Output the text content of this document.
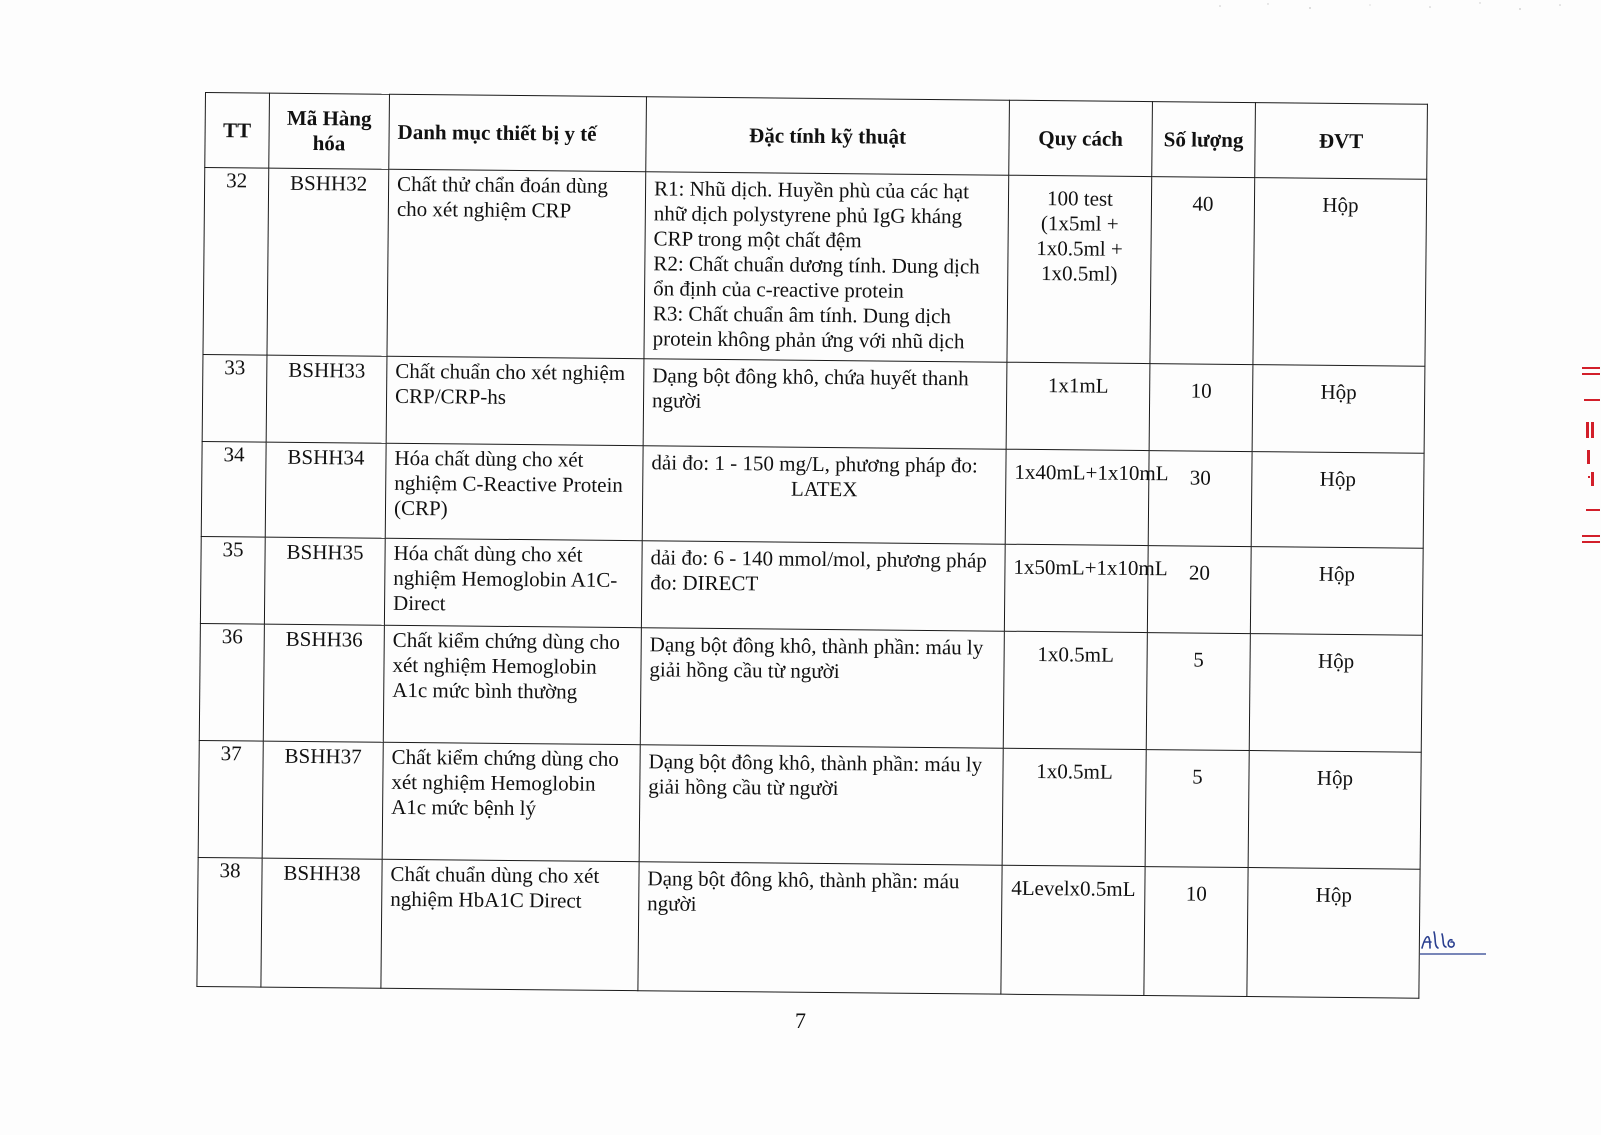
TT	Mã Hàng hóa	Danh mục thiết bị y tế	Đặc tính kỹ thuật	Quy cách	Số lượng	ĐVT
32	BSHH32	Chất thử chẩn đoán dùng cho xét nghiệm CRP	R1: Nhũ dịch. Huyền phù của các hạt nhữ dịch polystyrene phủ IgG kháng CRP trong một chất đệm
R2: Chất chuẩn dương tính. Dung dịch ổn định của c-reactive protein
R3: Chất chuẩn âm tính. Dung dịch protein không phản ứng với nhũ dịch	100 test (1x5ml + 1x0.5ml + 1x0.5ml)	40	Hộp
33	BSHH33	Chất chuẩn cho xét nghiệm CRP/CRP-hs	Dạng bột đông khô, chứa huyết thanh người	1x1mL	10	Hộp
34	BSHH34	Hóa chất dùng cho xét nghiệm C-Reactive Protein (CRP)	dải đo: 1 - 150 mg/L, phương pháp đo:
LATEX	1x40mL+1x10mL	30	Hộp
35	BSHH35	Hóa chất dùng cho xét nghiệm Hemoglobin A1C-Direct	dải đo: 6 - 140 mmol/mol, phương pháp đo: DIRECT	1x50mL+1x10mL	20	Hộp
36	BSHH36	Chất kiểm chứng dùng cho xét nghiệm Hemoglobin A1c mức bình thường	Dạng bột đông khô, thành phần: máu ly giải hồng cầu từ người	1x0.5mL	5	Hộp
37	BSHH37	Chất kiểm chứng dùng cho xét nghiệm Hemoglobin A1c mức bệnh lý	Dạng bột đông khô, thành phần: máu ly giải hồng cầu từ người	1x0.5mL	5	Hộp
38	BSHH38	Chất chuẩn dùng cho xét nghiệm HbA1C Direct	Dạng bột đông khô, thành phần: máu người	4Levelx0.5mL	10	Hộp
7
